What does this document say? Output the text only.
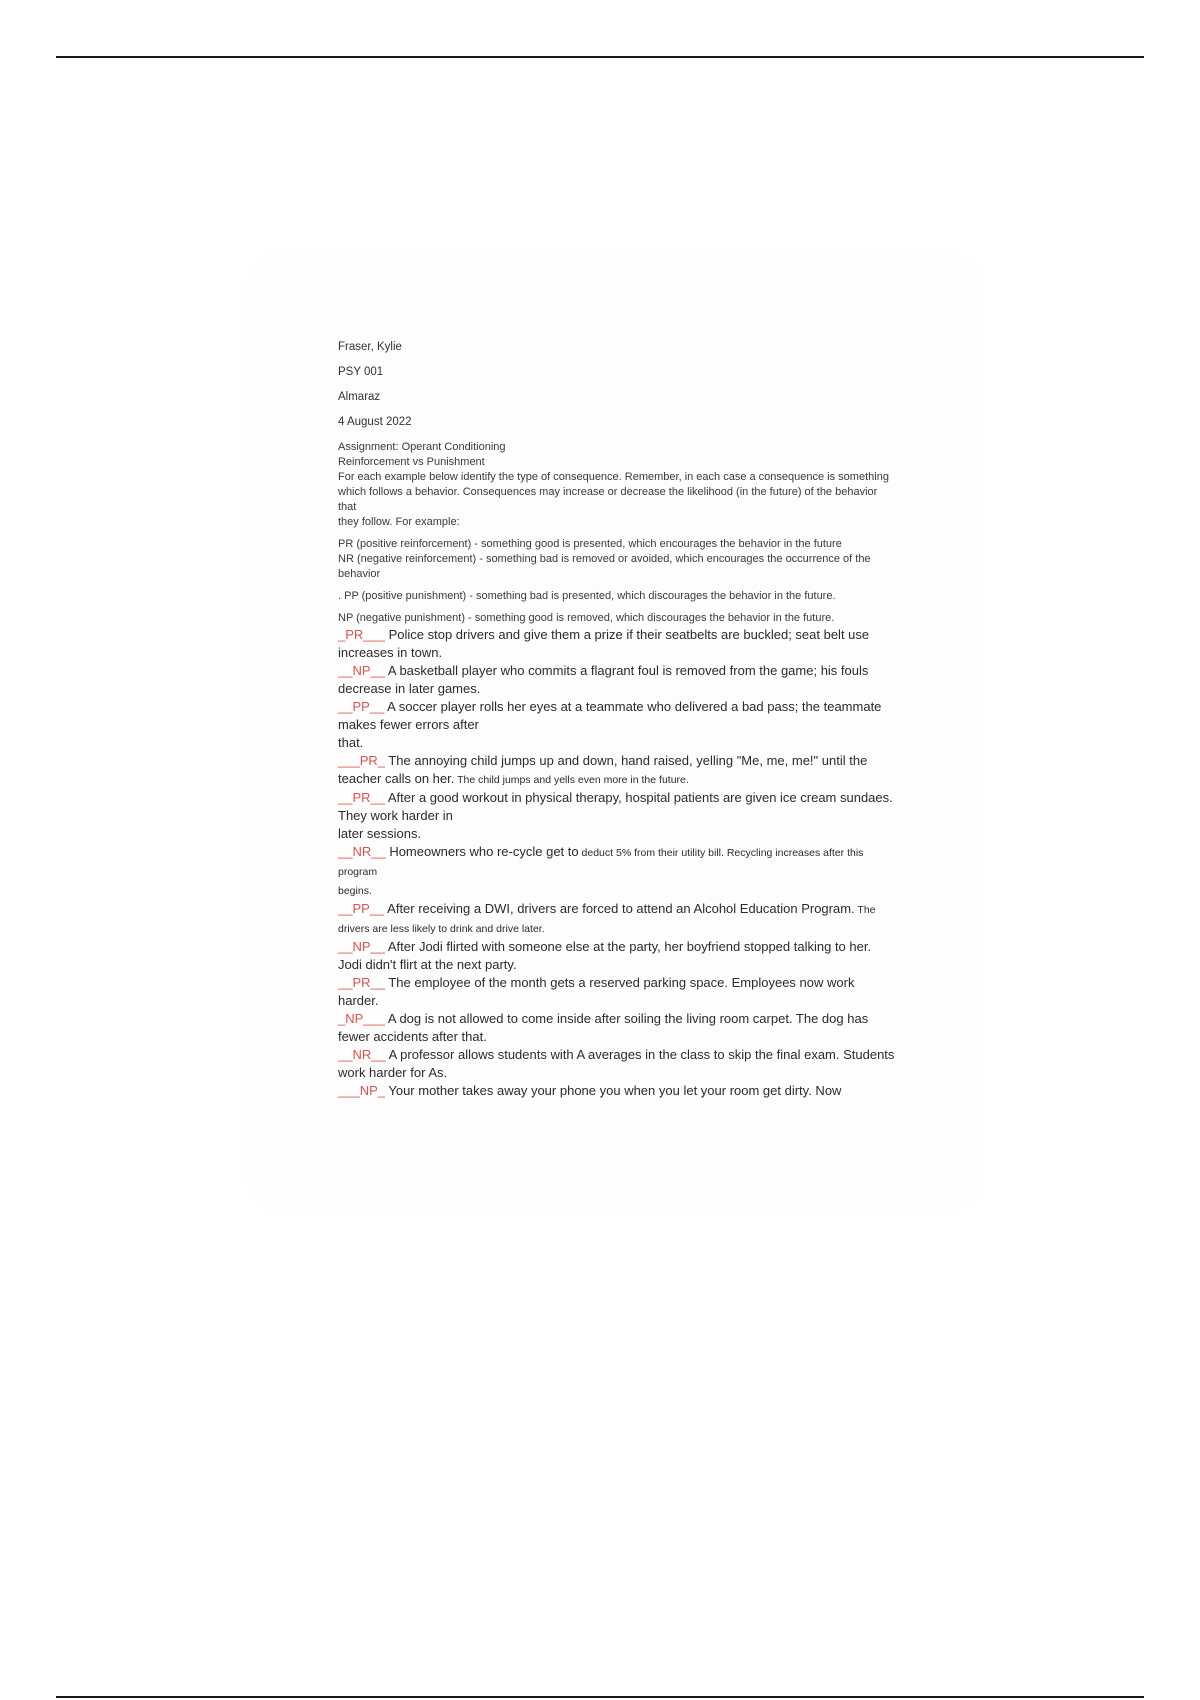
Fraser, Kylie

PSY 001

Almaraz

4 August 2022

Assignment: Operant Conditioning

Reinforcement vs Punishment

For each example below identify the type of consequence. Remember, in each case a consequence is something which follows a behavior. Consequences may increase or decrease the likelihood (in the future) of the behavior that

they follow. For example:

PR (positive reinforcement) - something good is presented, which encourages the behavior in the future

NR (negative reinforcement) - something bad is removed or avoided, which encourages the occurrence of the behavior

. PP (positive punishment) - something bad is presented, which discourages the behavior in the future.

NP (negative punishment) - something good is removed, which discourages the behavior in the future.

_PR___ Police stop drivers and give them a prize if their seatbelts are buckled; seat belt use increases in town.

__NP__ A basketball player who commits a flagrant foul is removed from the game; his fouls decrease in later games.

__PP__ A soccer player rolls her eyes at a teammate who delivered a bad pass; the teammate makes fewer errors after
that.

___PR_ The annoying child jumps up and down, hand raised, yelling "Me, me, me!" until the teacher calls on her. The child jumps and yells even more in the future.

__PR__ After a good workout in physical therapy, hospital patients are given ice cream sundaes. They work harder in
later sessions.

__NR__ Homeowners who re-cycle get to deduct 5% from their utility bill. Recycling increases after this program
begins.

__PP__ After receiving a DWI, drivers are forced to attend an Alcohol Education Program. The drivers are less likely to drink and drive later.

__NP__ After Jodi flirted with someone else at the party, her boyfriend stopped talking to her. Jodi didn't flirt at the next party.

__PR__ The employee of the month gets a reserved parking space. Employees now work harder.

_NP___ A dog is not allowed to come inside after soiling the living room carpet. The dog has fewer accidents after that.

__NR__ A professor allows students with A averages in the class to skip the final exam. Students work harder for As.

___NP_ Your mother takes away your phone you when you let your room get dirty. Now
